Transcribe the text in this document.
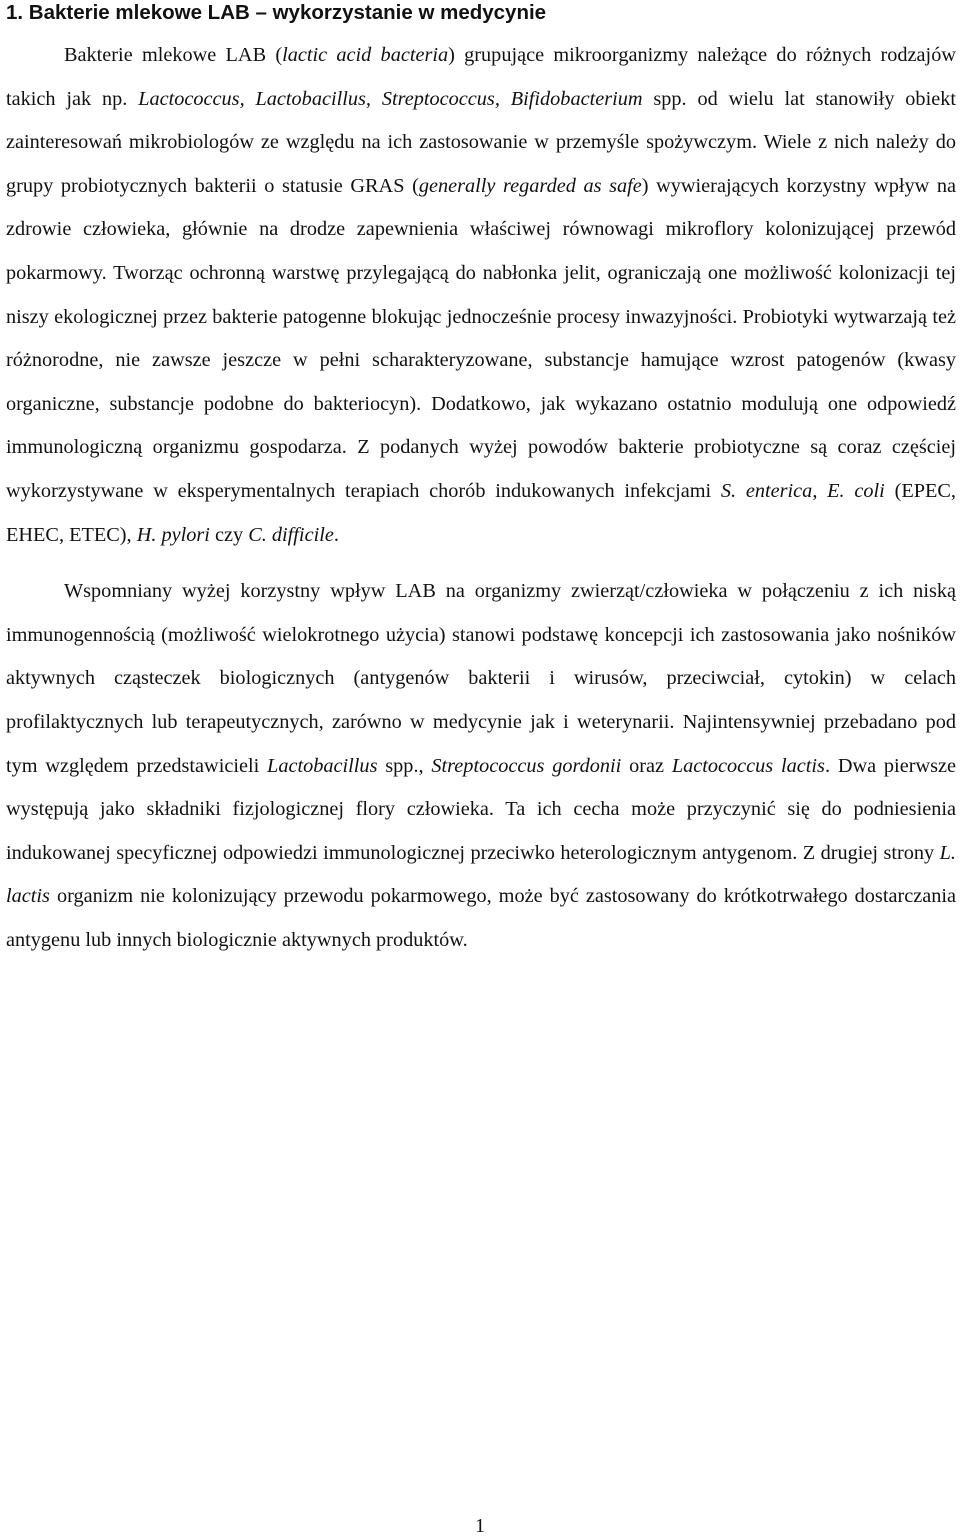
1. Bakterie mlekowe LAB – wykorzystanie w medycynie

Bakterie mlekowe LAB (lactic acid bacteria) grupujące mikroorganizmy należące do różnych rodzajów takich jak np. Lactococcus, Lactobacillus, Streptococcus, Bifidobacterium spp. od wielu lat stanowiły obiekt zainteresowań mikrobiologów ze względu na ich zastosowanie w przemyśle spożywczym. Wiele z nich należy do grupy probiotycznych bakterii o statusie GRAS (generally regarded as safe) wywierających korzystny wpływ na zdrowie człowieka, głównie na drodze zapewnienia właściwej równowagi mikroflory kolonizującej przewód pokarmowy. Tworząc ochronną warstwę przylegającą do nabłonka jelit, ograniczają one możliwość kolonizacji tej niszy ekologicznej przez bakterie patogenne blokując jednocześnie procesy inwazyjności. Probiotyki wytwarzają też różnorodne, nie zawsze jeszcze w pełni scharakteryzowane, substancje hamujące wzrost patogenów (kwasy organiczne, substancje podobne do bakteriocyn). Dodatkowo, jak wykazano ostatnio modulują one odpowiedź immunologiczną organizmu gospodarza. Z podanych wyżej powodów bakterie probiotyczne są coraz częściej wykorzystywane w eksperymentalnych terapiach chorób indukowanych infekcjami S. enterica, E. coli (EPEC, EHEC, ETEC), H. pylori czy C. difficile.

Wspomniany wyżej korzystny wpływ LAB na organizmy zwierząt/człowieka w połączeniu z ich niską immunogennością (możliwość wielokrotnego użycia) stanowi podstawę koncepcji ich zastosowania jako nośników aktywnych cząsteczek biologicznych (antygenów bakterii i wirusów, przeciwciał, cytokin) w celach profilaktycznych lub terapeutycznych, zarówno w medycynie jak i weterynarii. Najintensywniej przebadano pod tym względem przedstawicieli Lactobacillus spp., Streptococcus gordonii oraz Lactococcus lactis. Dwa pierwsze występują jako składniki fizjologicznej flory człowieka. Ta ich cecha może przyczynić się do podniesienia indukowanej specyficznej odpowiedzi immunologicznej przeciwko heterologicznym antygenom. Z drugiej strony L. lactis organizm nie kolonizujący przewodu pokarmowego, może być zastosowany do krótkotrwałego dostarczania antygenu lub innych biologicznie aktywnych produktów.

1
